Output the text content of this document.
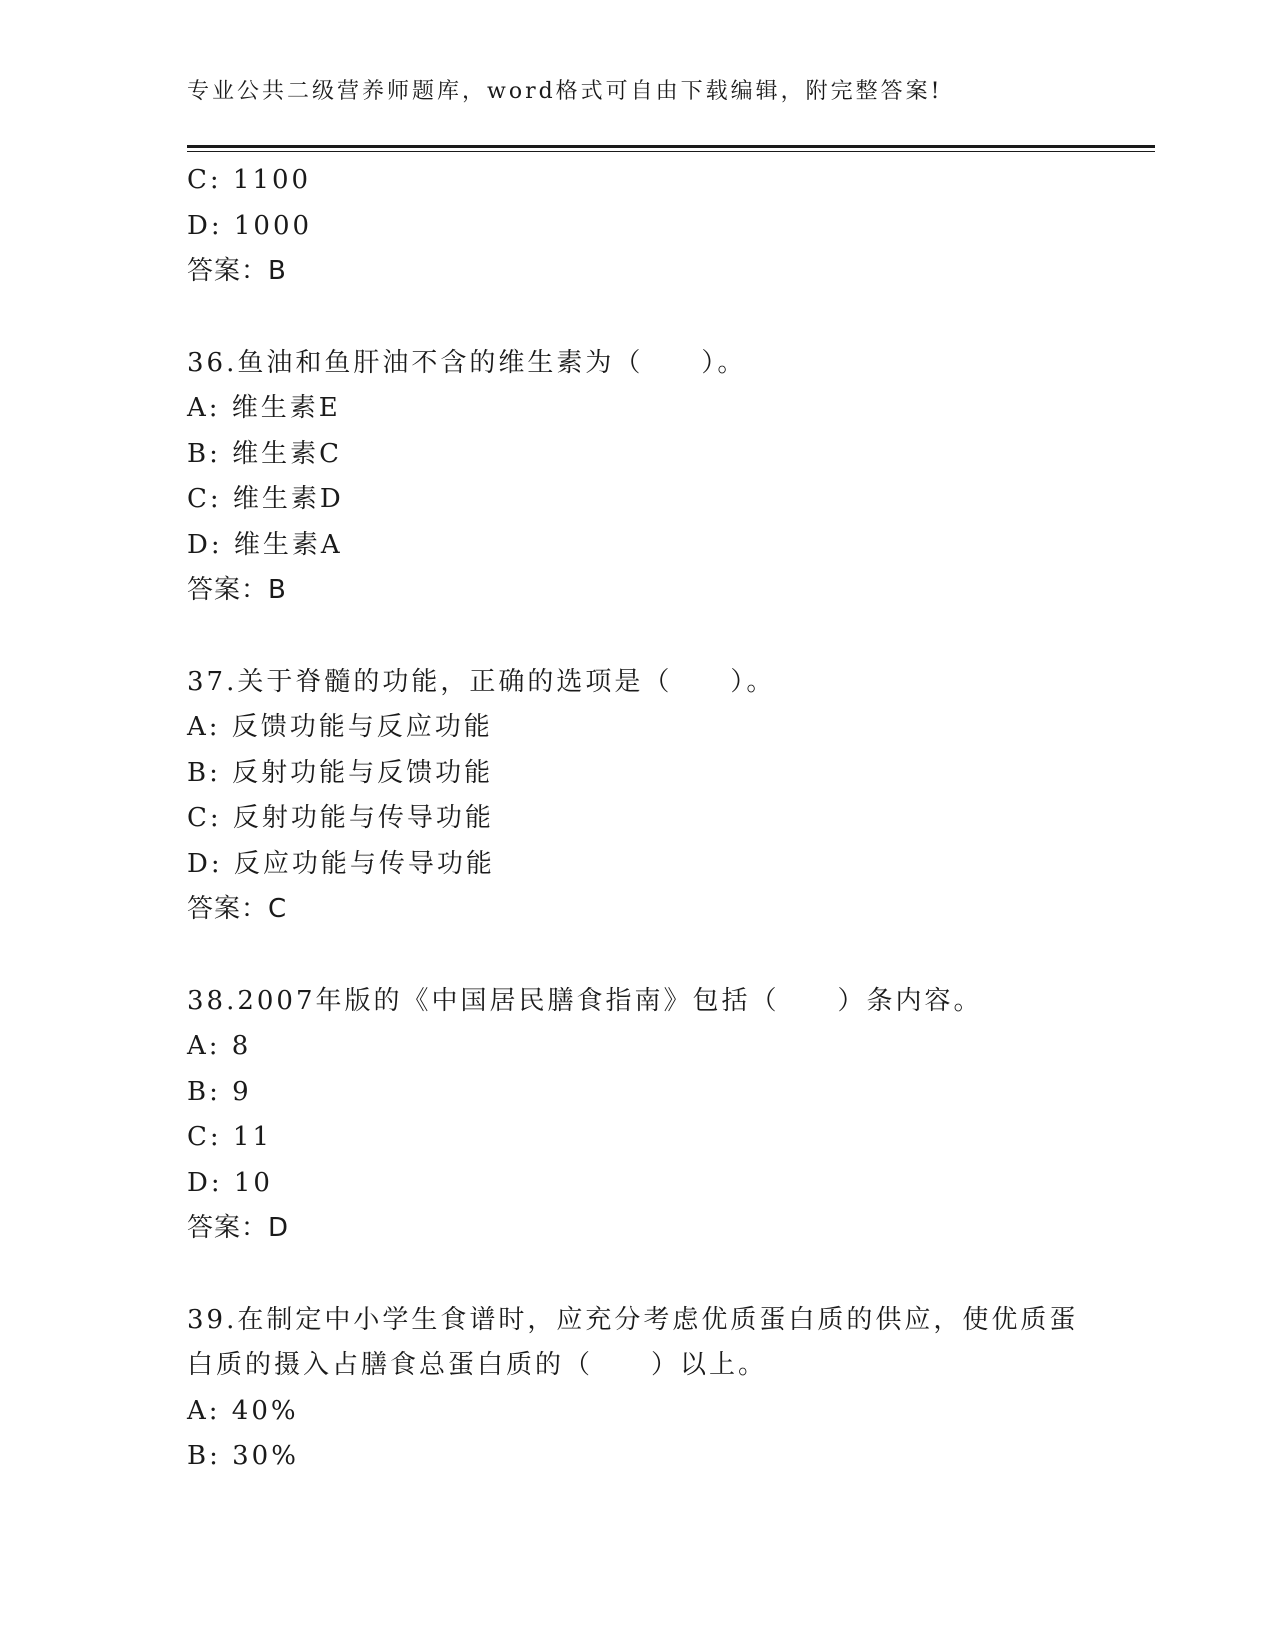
专业公共二级营养师题库，word格式可自由下载编辑，附完整答案!
C: 1100
D: 1000
答案：B
36.鱼油和鱼肝油不含的维生素为（　　）。
A: 维生素E
B: 维生素C
C: 维生素D
D: 维生素A
答案：B
37.关于脊髓的功能，正确的选项是（　　）。
A: 反馈功能与反应功能
B: 反射功能与反馈功能
C: 反射功能与传导功能
D: 反应功能与传导功能
答案：C
38.2007年版的《中国居民膳食指南》包括（　　）条内容。
A: 8
B: 9
C: 11
D: 10
答案：D
39.在制定中小学生食谱时，应充分考虑优质蛋白质的供应，使优质蛋
白质的摄入占膳食总蛋白质的（　　）以上。
A: 40%
B: 30%
